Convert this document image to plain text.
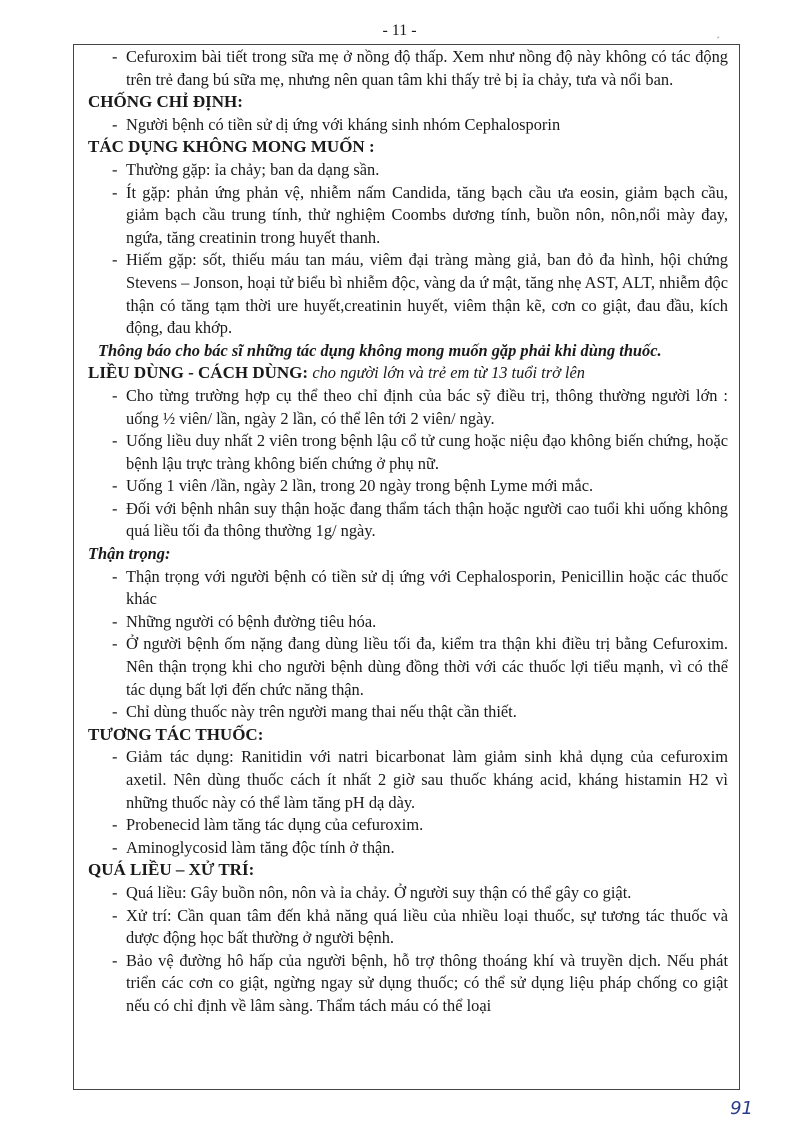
- 11 -
´
- Cefuroxim bài tiết trong sữa mẹ ở nồng độ thấp. Xem như nồng độ này không có tác động trên trẻ đang bú sữa mẹ, nhưng nên quan tâm khi thấy trẻ bị ỉa chảy, tưa và nổi ban.
CHỐNG CHỈ ĐỊNH:
- Người bệnh có tiền sử dị ứng với kháng sinh nhóm Cephalosporin
TÁC DỤNG KHÔNG MONG MUỐN :
- Thường gặp: ỉa chảy; ban da dạng sần.
- Ít gặp: phản ứng phản vệ, nhiễm nấm Candida, tăng bạch cầu ưa eosin, giảm bạch cầu, giảm bạch cầu trung tính, thử nghiệm Coombs dương tính, buồn nôn, nôn,nổi mày đay, ngứa, tăng creatinin trong huyết thanh.
- Hiếm gặp: sốt, thiếu máu tan máu, viêm đại tràng màng giả, ban đỏ đa hình, hội chứng Stevens – Jonson, hoại tử biểu bì nhiễm độc, vàng da ứ mật, tăng nhẹ AST, ALT, nhiễm độc thận có tăng tạm thời ure huyết,creatinin huyết, viêm thận kẽ, cơn co giật, đau đầu, kích động, đau khớp.
Thông báo cho bác sĩ những tác dụng không mong muốn gặp phải khi dùng thuốc.
LIỀU DÙNG - CÁCH DÙNG: cho người lớn và trẻ em từ 13 tuổi trở lên
- Cho từng trường hợp cụ thể theo chỉ định của bác sỹ điều trị, thông thường người lớn : uống ½ viên/ lần, ngày 2 lần, có thể lên tới 2 viên/ ngày.
- Uống liều duy nhất 2 viên trong bệnh lậu cổ tử cung hoặc niệu đạo không biến chứng, hoặc bệnh lậu trực tràng không biến chứng ở phụ nữ.
- Uống 1 viên /lần, ngày 2 lần, trong 20 ngày trong bệnh Lyme mới mắc.
- Đối với bệnh nhân suy thận hoặc đang thẩm tách thận hoặc người cao tuổi khi uống không quá liều tối đa thông thường 1g/ ngày.
Thận trọng:
- Thận trọng với người bệnh có tiền sử dị ứng với Cephalosporin, Penicillin hoặc các thuốc khác
- Những người có bệnh đường tiêu hóa.
- Ở người bệnh ốm nặng đang dùng liều tối đa, kiểm tra thận khi điều trị bằng Cefuroxim. Nên thận trọng khi cho người bệnh dùng đồng thời với các thuốc lợi tiểu mạnh, vì có thể tác dụng bất lợi đến chức năng thận.
- Chỉ dùng thuốc này trên người mang thai nếu thật cần thiết.
TƯƠNG TÁC THUỐC:
- Giảm tác dụng: Ranitidin với natri bicarbonat làm giảm sinh khả dụng của cefuroxim axetil. Nên dùng thuốc cách ít nhất 2 giờ sau thuốc kháng acid, kháng histamin H2 vì những thuốc này có thể làm tăng pH dạ dày.
- Probenecid làm tăng tác dụng của cefuroxim.
- Aminoglycosid làm tăng độc tính ở thận.
QUÁ LIỀU – XỬ TRÍ:
- Quá liều: Gây buồn nôn, nôn và ỉa chảy. Ở người suy thận có thể gây co giật.
- Xử trí: Cần quan tâm đến khả năng quá liều của nhiều loại thuốc, sự tương tác thuốc và dược động học bất thường ở người bệnh.
- Bảo vệ đường hô hấp của người bệnh, hỗ trợ thông thoáng khí và truyền dịch. Nếu phát triển các cơn co giật, ngừng ngay sử dụng thuốc; có thể sử dụng liệu pháp chống co giật nếu có chỉ định về lâm sàng. Thẩm tách máu có thể loại
91
